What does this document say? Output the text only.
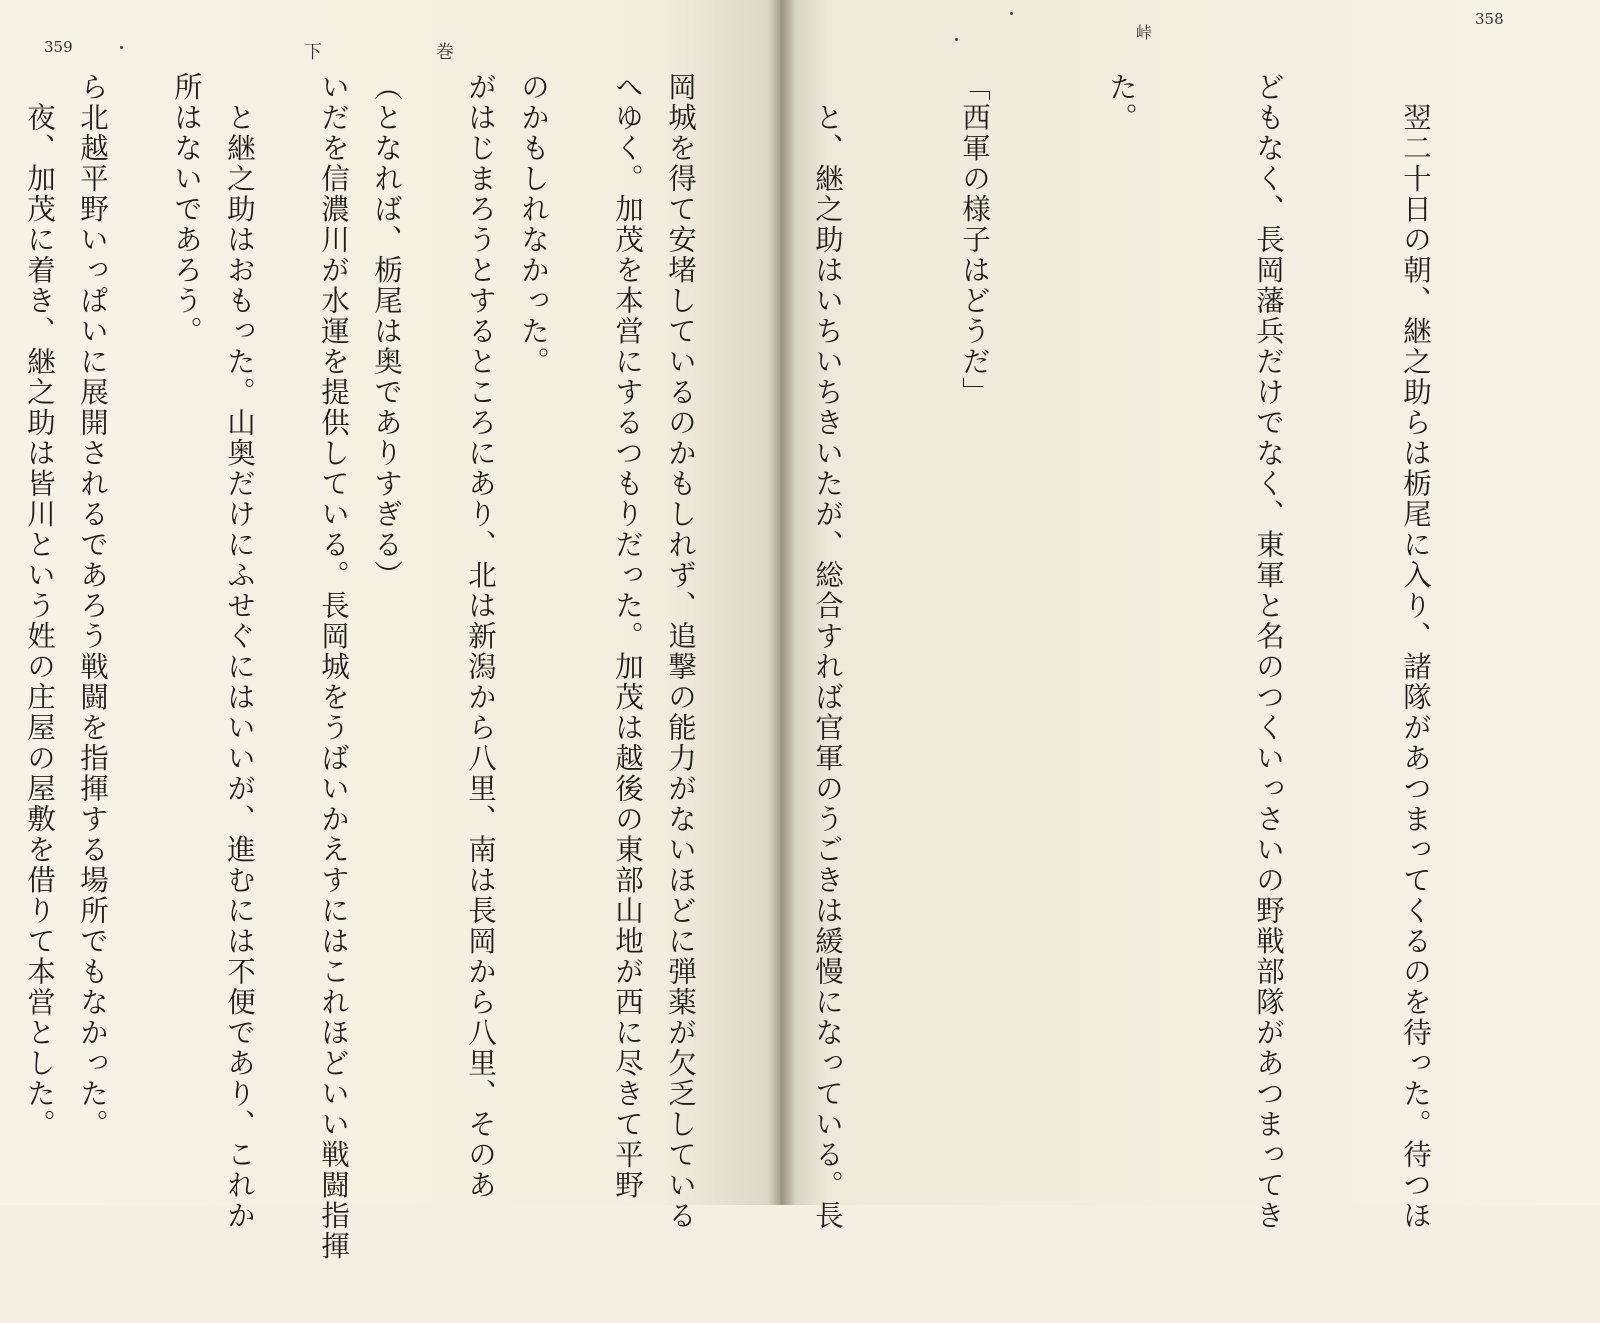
359	下	巻
峠
358

　翌二十日の朝、継之助らは栃尾に入り、諸隊があつまってくるのを待った。待つほ

どもなく、長岡藩兵だけでなく、東軍と名のつくいっさいの野戦部隊があつまってき

た。

「西軍の様子はどうだ」

　と、継之助はいちいちきいたが、総合すれば官軍のうごきは緩慢になっている。長

岡城を得て安堵しているのかもしれず、追撃の能力がないほどに弾薬が欠乏している

のかもしれなかった。

（となれば、栃尾は奥でありすぎる）

　と継之助はおもった。山奥だけにふせぐにはいいが、進むには不便であり、これか

ら北越平野いっぱいに展開されるであろう戦闘を指揮する場所でもなかった。

	へゆく。加茂を本営にするつもりだった。加茂は越後の東部山地が西に尽きて平野

がはじまろうとするところにあり、北は新潟から八里、南は長岡から八里、そのあ

いだを信濃川が水運を提供している。長岡城をうばいかえすにはこれほどいい戦闘指揮

所はないであろう。

　夜、加茂に着き、継之助は皆川という姓の庄屋の屋敷を借りて本営とした。
